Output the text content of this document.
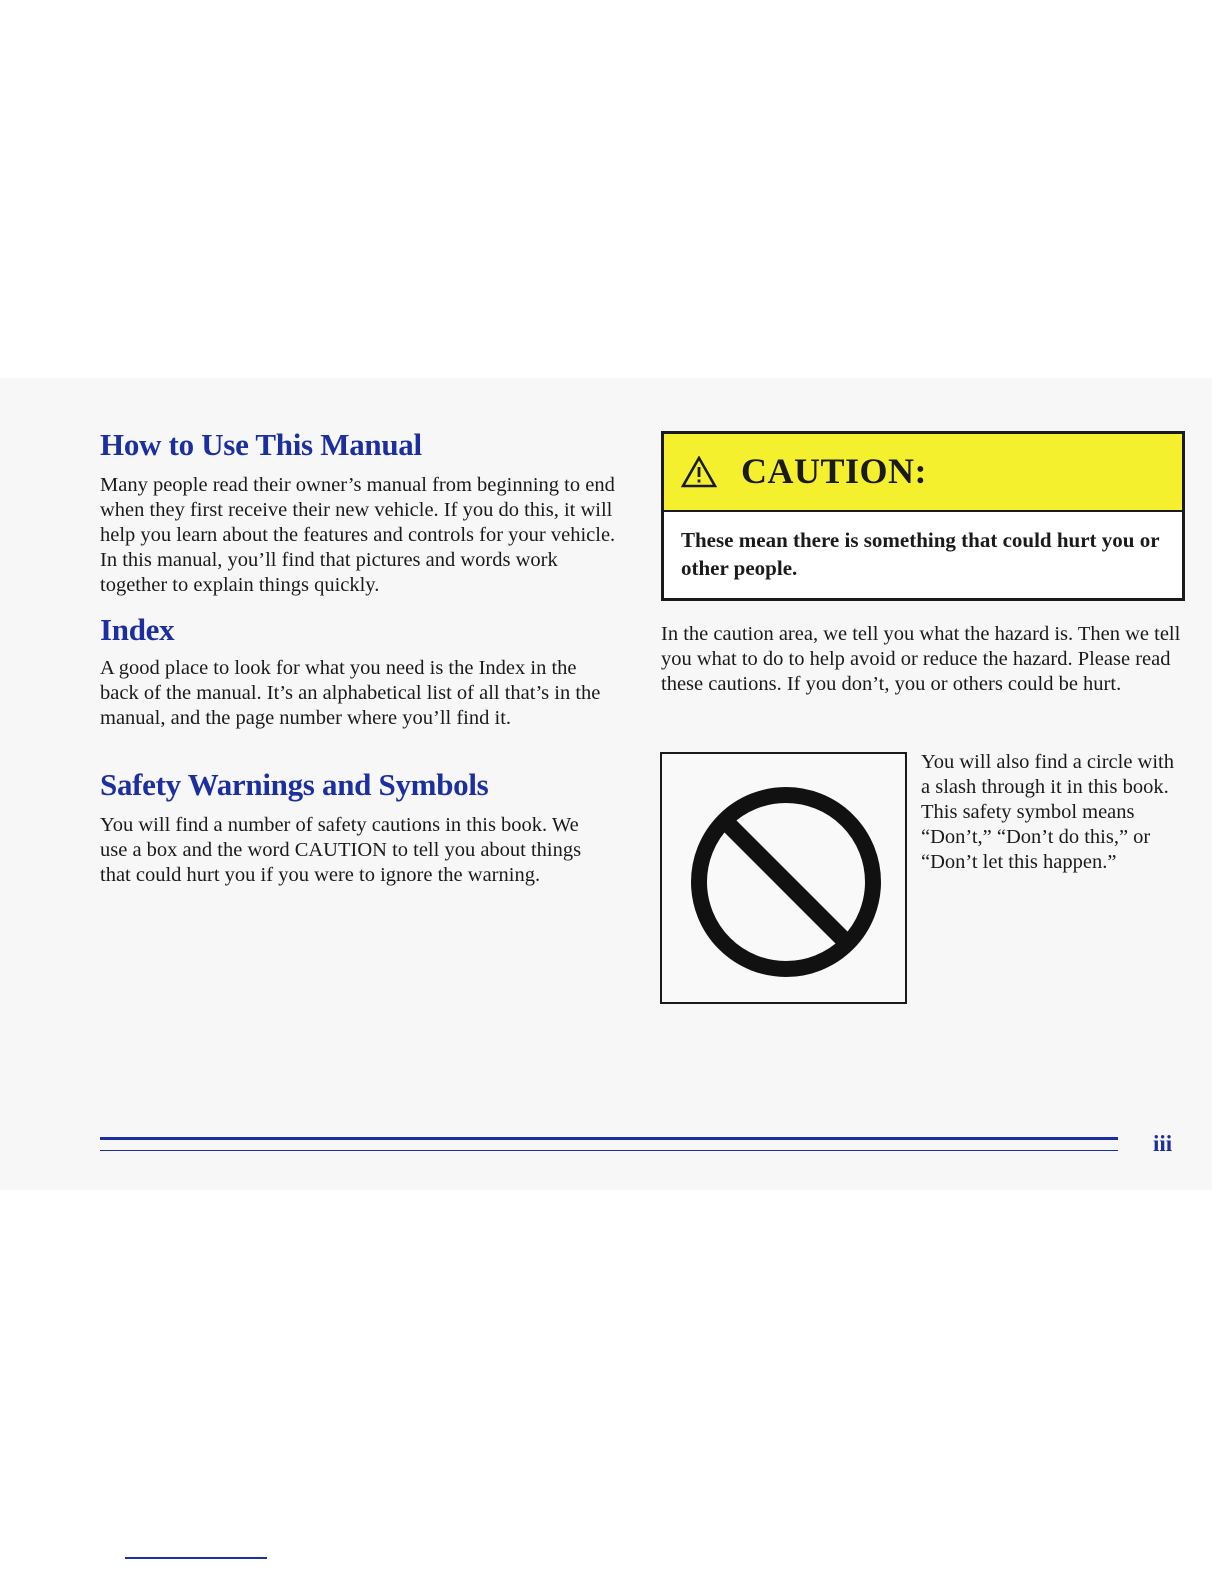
How to Use This Manual

Many people read their owner’s manual from beginning to end when they first receive their new vehicle. If you do this, it will help you learn about the features and controls for your vehicle. In this manual, you’ll find that pictures and words work together to explain things quickly.

Index

A good place to look for what you need is the Index in the back of the manual. It’s an alphabetical list of all that’s in the manual, and the page number where you’ll find it.

Safety Warnings and Symbols

You will find a number of safety cautions in this book. We use a box and the word CAUTION to tell you about things that could hurt you if you were to ignore the warning.

CAUTION:

These mean there is something that could hurt you or other people.

In the caution area, we tell you what the hazard is. Then we tell you what to do to help avoid or reduce the hazard. Please read these cautions. If you don’t, you or others could be hurt.

You will also find a circle with a slash through it in this book. This safety symbol means “Don’t,” “Don’t do this,” or “Don’t let this happen.”

iii
